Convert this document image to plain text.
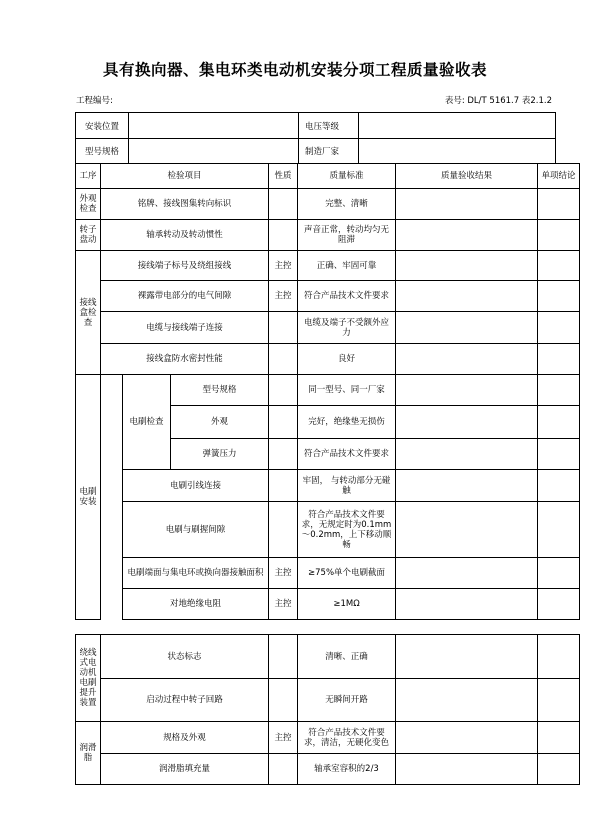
具有换向器、集电环类电动机安装分项工程质量验收表
工程编号:	表号: DL/T 5161.7 表2.1.2
安装位置		电压等级	
型号规格		制造厂家	
工序	检验项目			性质	质量标准	质量验收结果	单项结论
外观检查	铭牌、接线图集转向标识				完整、清晰		
转子盘动	轴承转动及转动惯性				声音正常，转动均匀无阻滞		
接线盒检查	接线端子标号及绕组接线			主控	正确、牢固可靠		
	裸露带电部分的电气间隙			主控	符合产品技术文件要求		
	电缆与接线端子连接				电缆及端子不受额外应力		
	接线盒防水密封性能				良好		
电刷安装		电刷检查	型号规格		同一型号、同一厂家		
			外观		完好，绝缘垫无损伤		
			弹簧压力		符合产品技术文件要求		
		电刷引线连接			牢固， 与转动部分无碰触		
		电刷与刷握间隙			符合产品技术文件要求，无规定时为0.1mm～0.2mm，上下移动顺畅		
		电刷端面与集电环或换向器接触面积		主控	≥75%单个电刷截面		
		对地绝缘电阻		主控	≥1MΩ		
绕线式电动机电刷提升装置	状态标志		清晰、正确		
	启动过程中转子回路		无瞬间开路		
润滑脂	规格及外观	主控	符合产品技术文件要求，清洁，无硬化变色		
	润滑脂填充量		轴承室容积的2/3		
